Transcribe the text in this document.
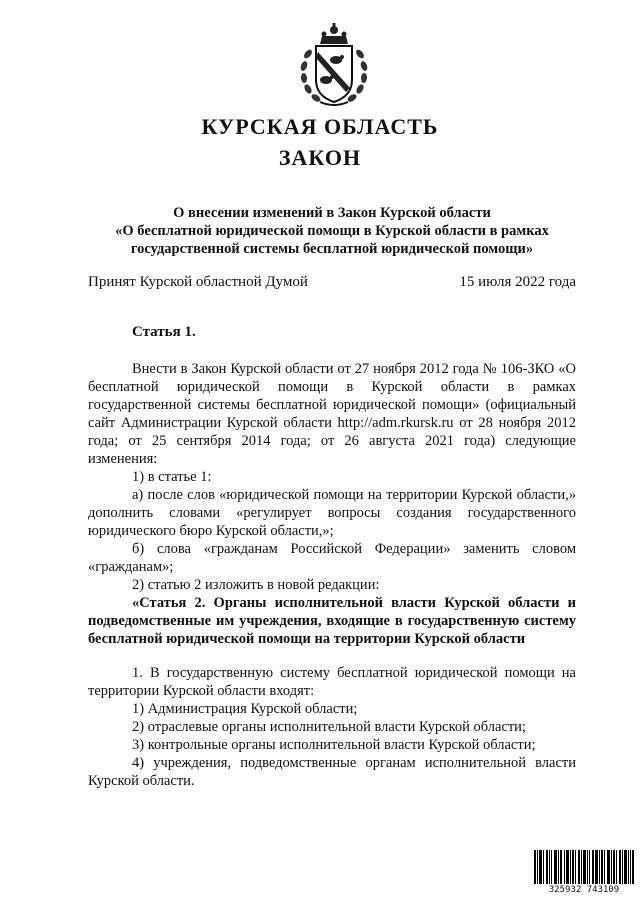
КУРСКАЯ ОБЛАСТЬ
ЗАКОН
О внесении изменений в Закон Курской области
«О бесплатной юридической помощи в Курской области в рамках
государственной системы бесплатной юридической помощи»
Принят Курской областной Думой	15 июля 2022 года
Статья 1.

Внести в Закон Курской области от 27 ноября 2012 года № 106-ЗКО «О бесплатной юридической помощи в Курской области в рамках государственной системы бесплатной юридической помощи» (официальный сайт Администрации Курской области http://adm.rkursk.ru от 28 ноября 2012 года; от 25 сентября 2014 года; от 26 августа 2021 года) следующие изменения:

1) в статье 1:

а) после слов «юридической помощи на территории Курской области,» дополнить словами «регулирует вопросы создания государственного юридического бюро Курской области,»;

б) слова «гражданам Российской Федерации» заменить словом «гражданам»;

2) статью 2 изложить в новой редакции:

«Статья 2. Органы исполнительной власти Курской области и подведомственные им учреждения, входящие в государственную систему бесплатной юридической помощи на территории Курской области

1. В государственную систему бесплатной юридической помощи на территории Курской области входят:

1) Администрация Курской области;

2) отраслевые органы исполнительной власти Курской области;

3) контрольные органы исполнительной власти Курской области;

4) учреждения, подведомственные органам исполнительной власти Курской области.

325932 743109
